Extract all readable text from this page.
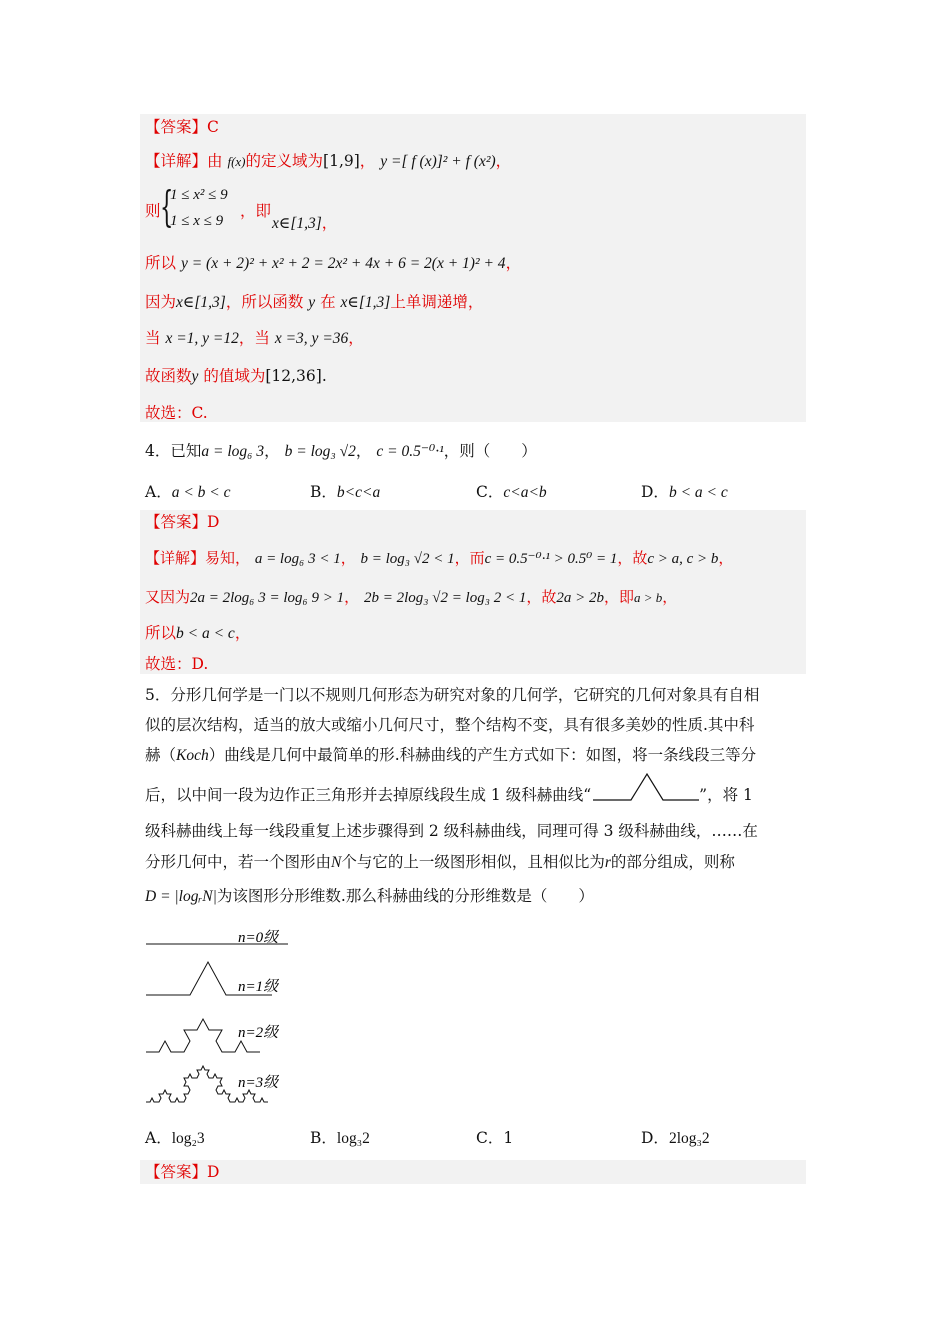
【答案】C
【详解】由 f(x)的定义域为[1,9]， y =[ f (x)]² + f (x²)，
则 {
1 ≤ x² ≤ 9
1 ≤ x ≤ 9
，即
x∈[1,3]，
所以 y = (x + 2)² + x² + 2 = 2x² + 4x + 6 = 2(x + 1)² + 4，
因为x∈[1,3]，所以函数 y 在 x∈[1,3]上单调递增，
当 x =1, y =12，当 x =3, y =36，
故函数y 的值域为[12,36].
故选：C.
4．已知a = log₆ 3， b = log₃ √2， c = 0.5⁻⁰·¹，则（　　）
A．a < b < c	B．b<c<a	C．c<a<b	D．b < a < c
【答案】D
【详解】易知， a = log₆ 3 < 1， b = log₃ √2 < 1，而c = 0.5⁻⁰·¹ > 0.5⁰ = 1，故c > a, c > b，
又因为2a = 2log₆ 3 = log₆ 9 > 1， 2b = 2log₃ √2 = log₃ 2 < 1，故2a > 2b，即a > b，
所以b < a < c，
故选：D.
5．分形几何学是一门以不规则几何形态为研究对象的几何学，它研究的几何对象具有自相
似的层次结构，适当的放大或缩小几何尺寸，整个结构不变，具有很多美妙的性质.其中科
赫（Koch）曲线是几何中最简单的形.科赫曲线的产生方式如下：如图，将一条线段三等分
后，以中间一段为边作正三角形并去掉原线段生成 1 级科赫曲线“	”，将 1
级科赫曲线上每一线段重复上述步骤得到 2 级科赫曲线，同理可得 3 级科赫曲线，……在
分形几何中，若一个图形由N个与它的上一级图形相似，且相似比为r的部分组成，则称
D = |logᵣN|为该图形分形维数.那么科赫曲线的分形维数是（　　）
n=0级
n=1级
n=2级
n=3级
A．log₂3	B．log₃2	C．1	D．2log₃2
【答案】D
